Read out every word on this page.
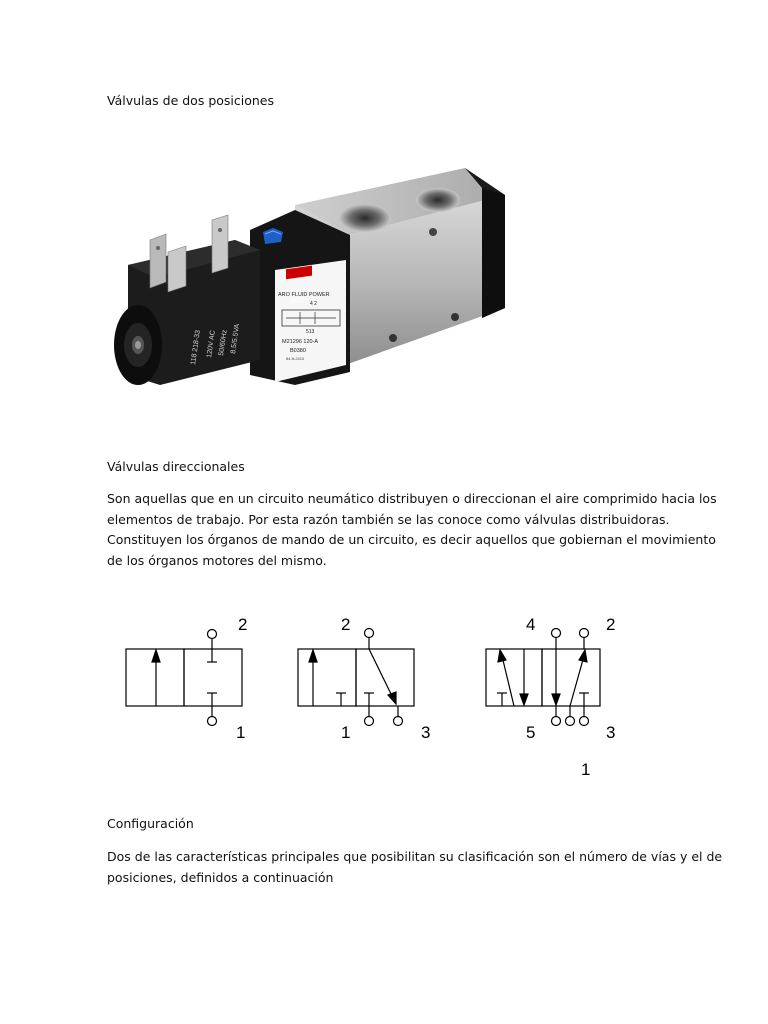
Válvulas de dos posiciones
ARO
ARO FLUID POWER
4 2
513
M21296 120-A
B0380
84-ft-2410
118 218-33 120V AC 50/60Hz 8.5/5.5VA
Válvulas direccionales
Son aquellas que en un circuito neumático distribuyen o direccionan el aire comprimido hacia los
elementos de trabajo. Por esta razón también se las conoce como válvulas distribuidoras.
Constituyen los órganos de mando de un circuito, es decir aquellos que gobiernan el movimiento
de los órganos motores del mismo.
2
1
2
1	3
4	2
5	3
1
Configuración
Dos de las características principales que posibilitan su clasificación son el número de vías y el de
posiciones, definidos a continuación
